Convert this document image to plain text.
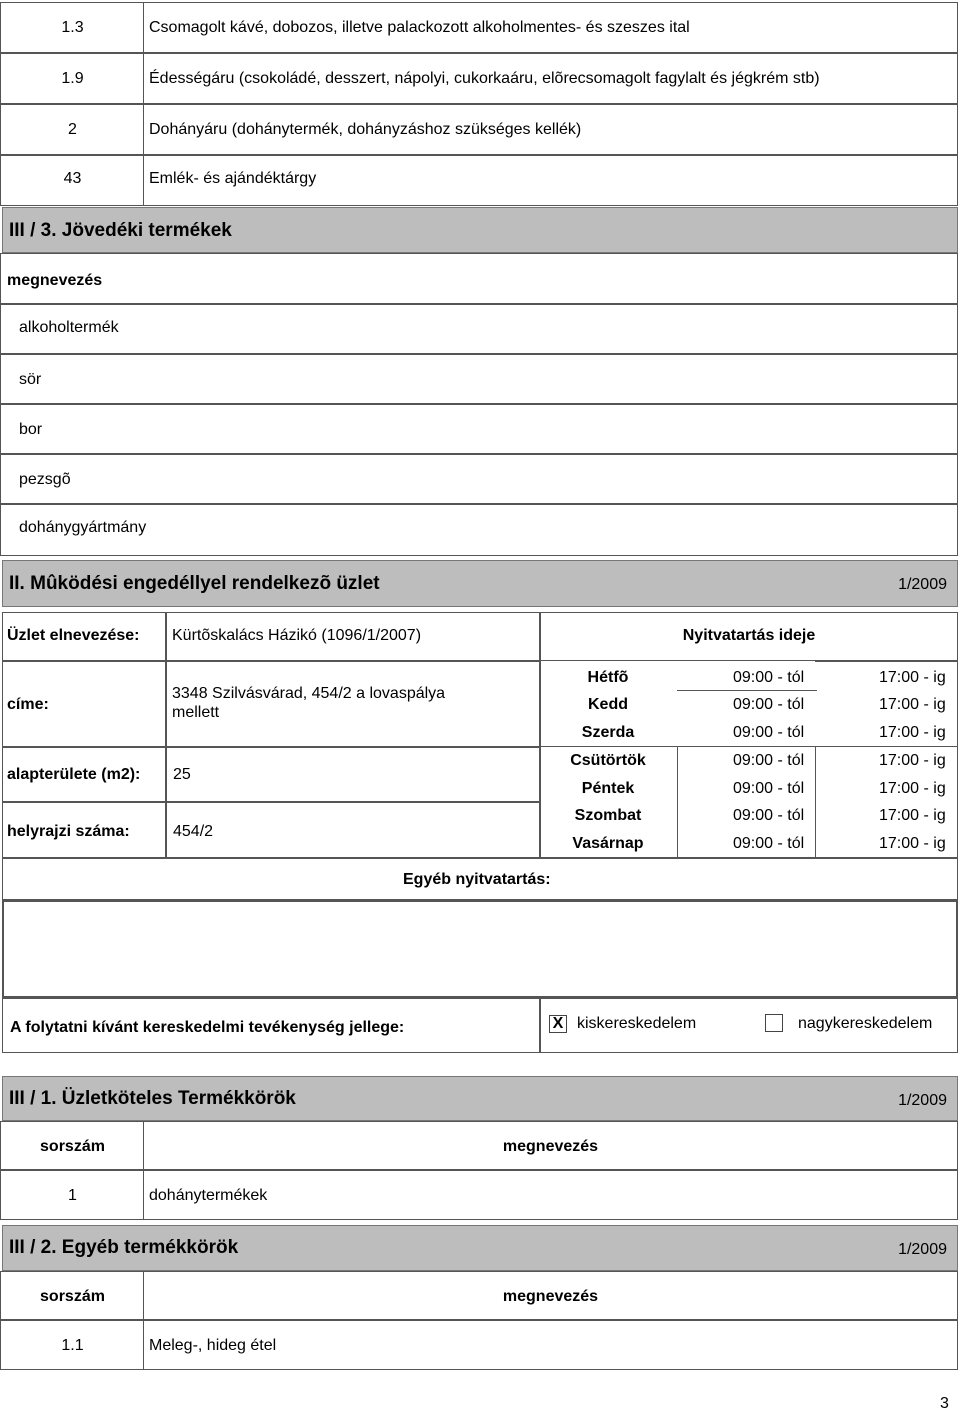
1.3	Csomagolt kávé, dobozos, illetve palackozott alkoholmentes- és szeszes ital
1.9	Édességáru (csokoládé, desszert, nápolyi, cukorkaáru, elõrecsomagolt fagylalt és jégkrém stb)
2	Dohányáru (dohánytermék, dohányzáshoz szükséges kellék)
43	Emlék- és ajándéktárgy
III / 3. Jövedéki termékek
megnevezés
alkoholtermék
sör
bor
pezsgõ
dohánygyártmány
II. Mûködési engedéllyel rendelkezõ üzlet	1/2009
Üzlet elnevezése: Kürtõskalács Házikó (1096/1/2007)	Nyitvatartás ideje
címe:
3348 Szilvásvárad, 454/2 a lovaspálya mellett
alapterülete (m2): 25
helyrajzi száma:	454/2
Hétfõ	09:00 - tól	17:00 - ig
Kedd	09:00 - tól	17:00 - ig
Szerda	09:00 - tól	17:00 - ig
Csütörtök	09:00 - tól	17:00 - ig
Péntek	09:00 - tól	17:00 - ig
Szombat	09:00 - tól	17:00 - ig
Vasárnap	09:00 - tól	17:00 - ig
Egyéb nyitvatartás:
A folytatni kívánt kereskedelmi tevékenység jellege:	X kiskereskedelem	nagykereskedelem
III / 1. Üzletköteles Termékkörök	1/2009
sorszám	megnevezés
1	dohánytermékek
III / 2. Egyéb termékkörök	1/2009
sorszám	megnevezés
1.1	Meleg-, hideg étel
3
